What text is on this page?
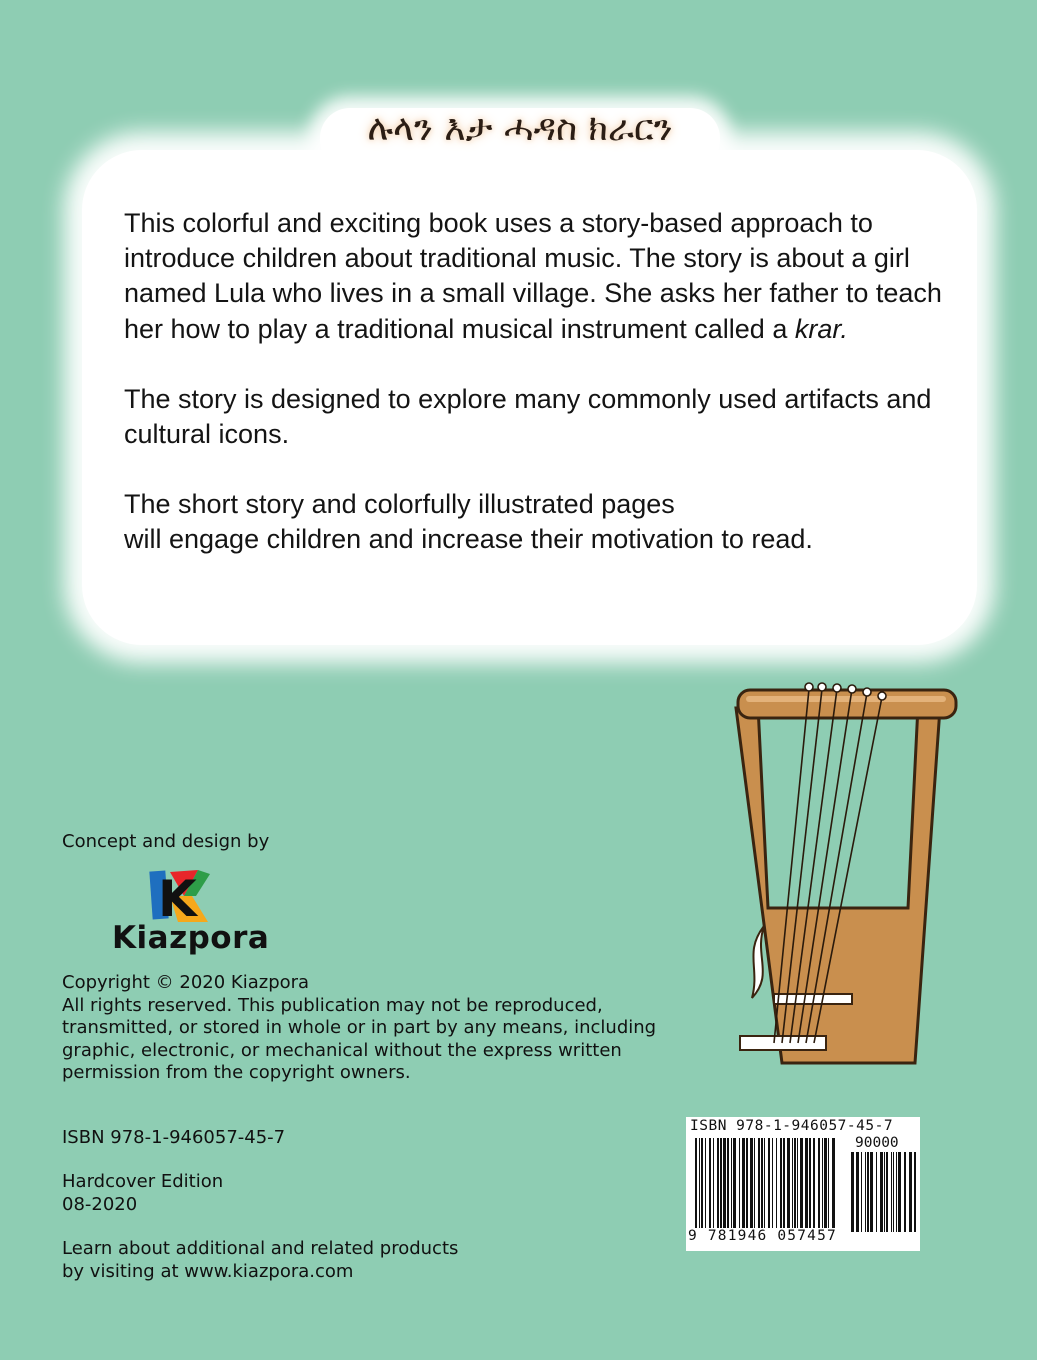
ሉላን እታ ሓዳስ ክራርን

This colorful and exciting book uses a story-based approach to introduce children about traditional music. The story is about a girl named Lula who lives in a small village. She asks her father to teach her how to play a traditional musical instrument called a krar.

The story is designed to explore many commonly used artifacts and cultural icons.

The short story and colorfully illustrated pages
will engage children and increase their motivation to read.

Concept and design by
K
Kiazpora
Copyright © 2020 Kiazpora
All rights reserved. This publication may not be reproduced, transmitted, or stored in whole or in part by any means, including graphic, electronic, or mechanical without the express written permission from the copyright owners.
ISBN 978-1-946057-45-7
Hardcover Edition
08-2020
Learn about additional and related products by visiting at www.kiazpora.com
ISBN 978-1-946057-45-7
90000
9 781946 057457
